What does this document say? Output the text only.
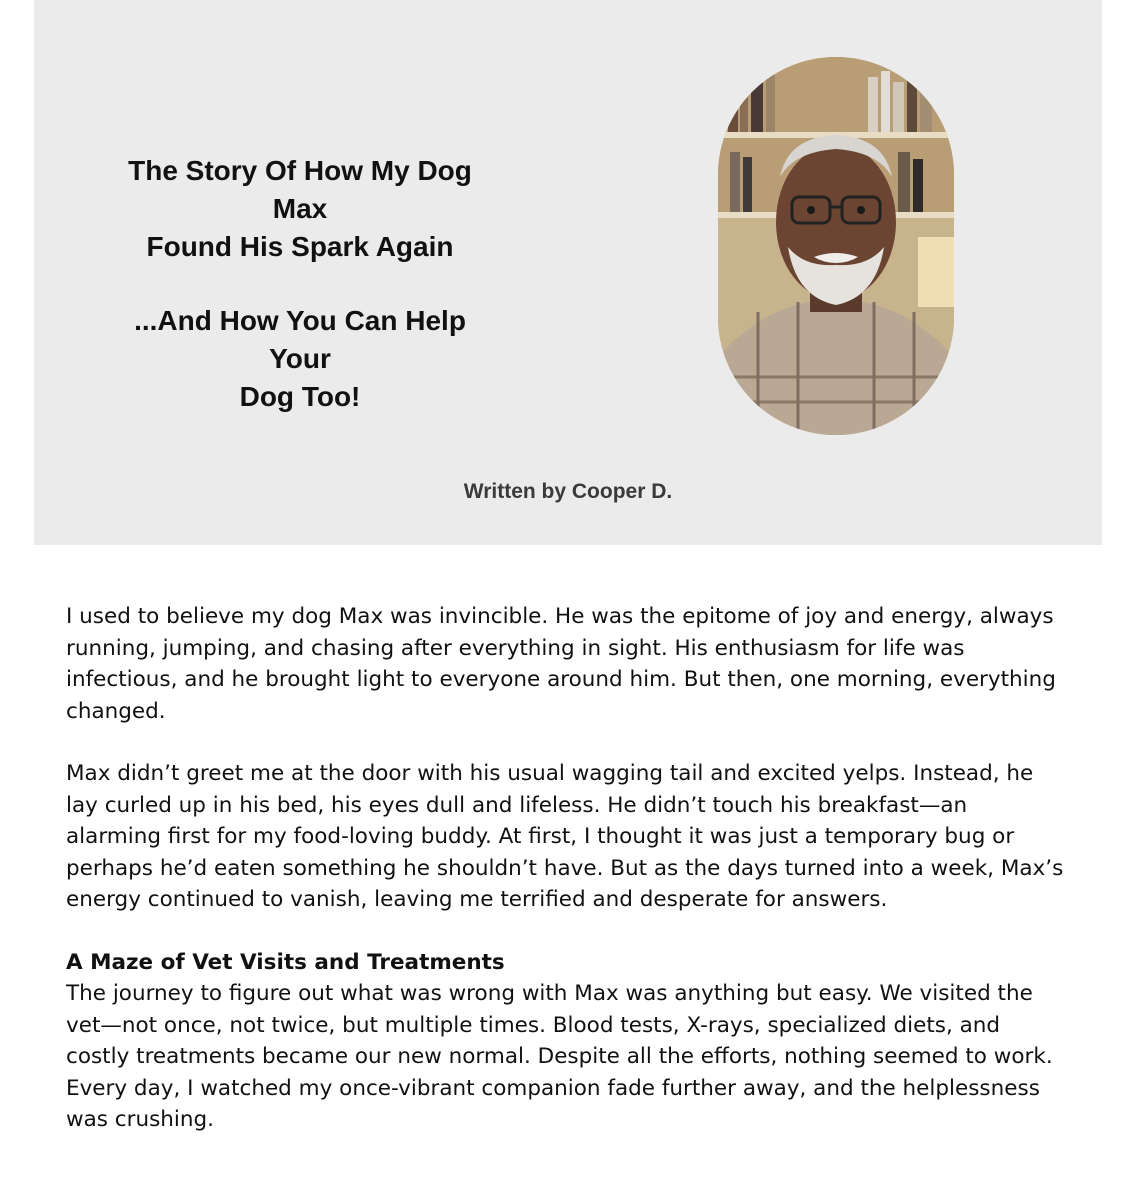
The Story Of How My Dog Max
Found His Spark Again
...And How You Can Help Your
Dog Too!
Written by Cooper D.

I used to believe my dog Max was invincible. He was the epitome of joy and energy, always running, jumping, and chasing after everything in sight. His enthusiasm for life was infectious, and he brought light to everyone around him. But then, one morning, everything changed.

Max didn’t greet me at the door with his usual wagging tail and excited yelps. Instead, he lay curled up in his bed, his eyes dull and lifeless. He didn’t touch his breakfast—an alarming first for my food-loving buddy. At first, I thought it was just a temporary bug or perhaps he’d eaten something he shouldn’t have. But as the days turned into a week, Max’s energy continued to vanish, leaving me terrified and desperate for answers.

A Maze of Vet Visits and Treatments

The journey to figure out what was wrong with Max was anything but easy. We visited the vet—not once, not twice, but multiple times. Blood tests, X-rays, specialized diets, and costly treatments became our new normal. Despite all the efforts, nothing seemed to work. Every day, I watched my once-vibrant companion fade further away, and the helplessness was crushing.
